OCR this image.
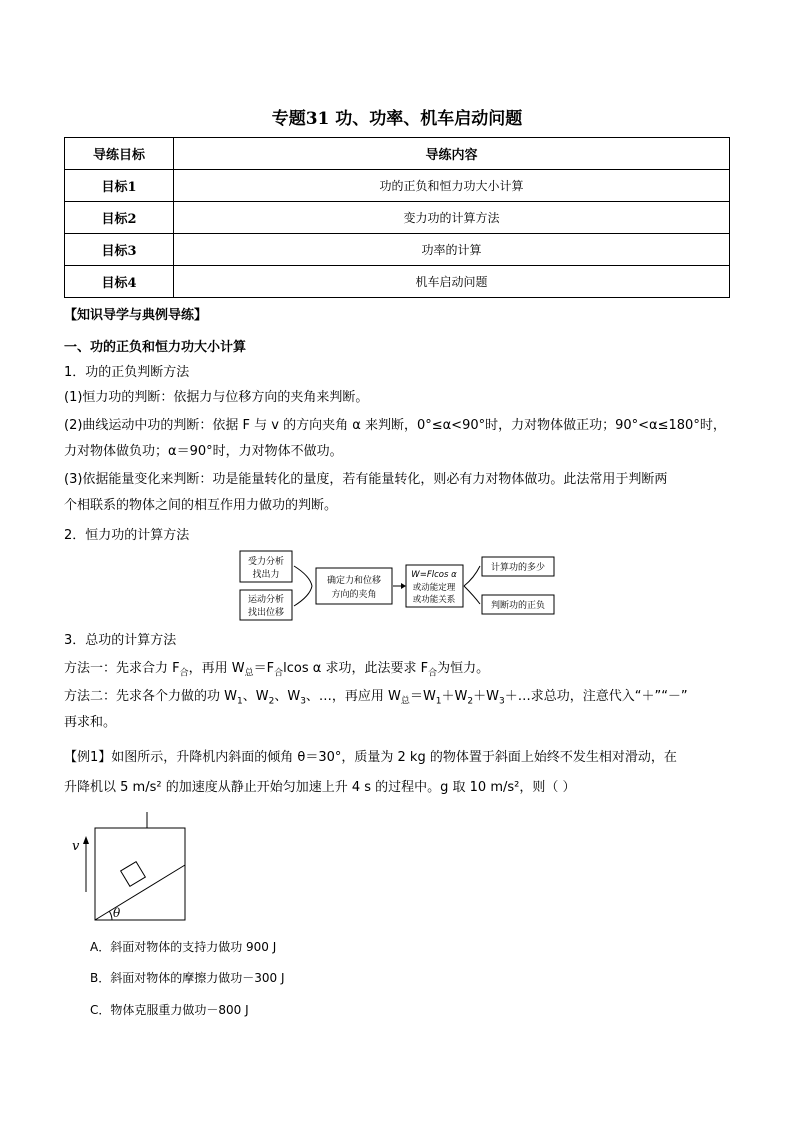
专题31 功、功率、机车启动问题
导练目标	导练内容
目标1	功的正负和恒力功大小计算
目标2	变力功的计算方法
目标3	功率的计算
目标4	机车启动问题
【知识导学与典例导练】
一、功的正负和恒力功大小计算
1．功的正负判断方法
(1)恒力功的判断：依据力与位移方向的夹角来判断。
(2)曲线运动中功的判断：依据 F 与 v 的方向夹角 α 来判断，0°≤α<90°时，力对物体做正功；90°<α≤180°时，
力对物体做负功；α＝90°时，力对物体不做功。
(3)依据能量变化来判断：功是能量转化的量度，若有能量转化，则必有力对物体做功。此法常用于判断两
个相联系的物体之间的相互作用力做功的判断。
2．恒力功的计算方法
受力分析
找出力
运动分析
找出位移
确定力和位移
方向的夹角
W=Flcos α
或动能定理
或功能关系
计算功的多少
判断功的正负
3．总功的计算方法
方法一：先求合力 $F_合$，再用 $W_总=F_合lcos$ α 求功，此法要求 $F_合$为恒力。
方法二：先求各个力做的功 $W_1$、$W_2$、$W_3$、…，再应用 $W_总=W_1+W_2+W_3+\dots$求总功，注意代入“＋”“－”
再求和。
【例1】如图所示，升降机内斜面的倾角 θ＝30°，质量为 2 kg 的物体置于斜面上始终不发生相对滑动，在
升降机以 5 m/s² 的加速度从静止开始匀加速上升 4 s 的过程中。g 取 10 m/s²，则（ ）
θ
v
A．斜面对物体的支持力做功 900 J
B．斜面对物体的摩擦力做功－300 J
C．物体克服重力做功－800 J
